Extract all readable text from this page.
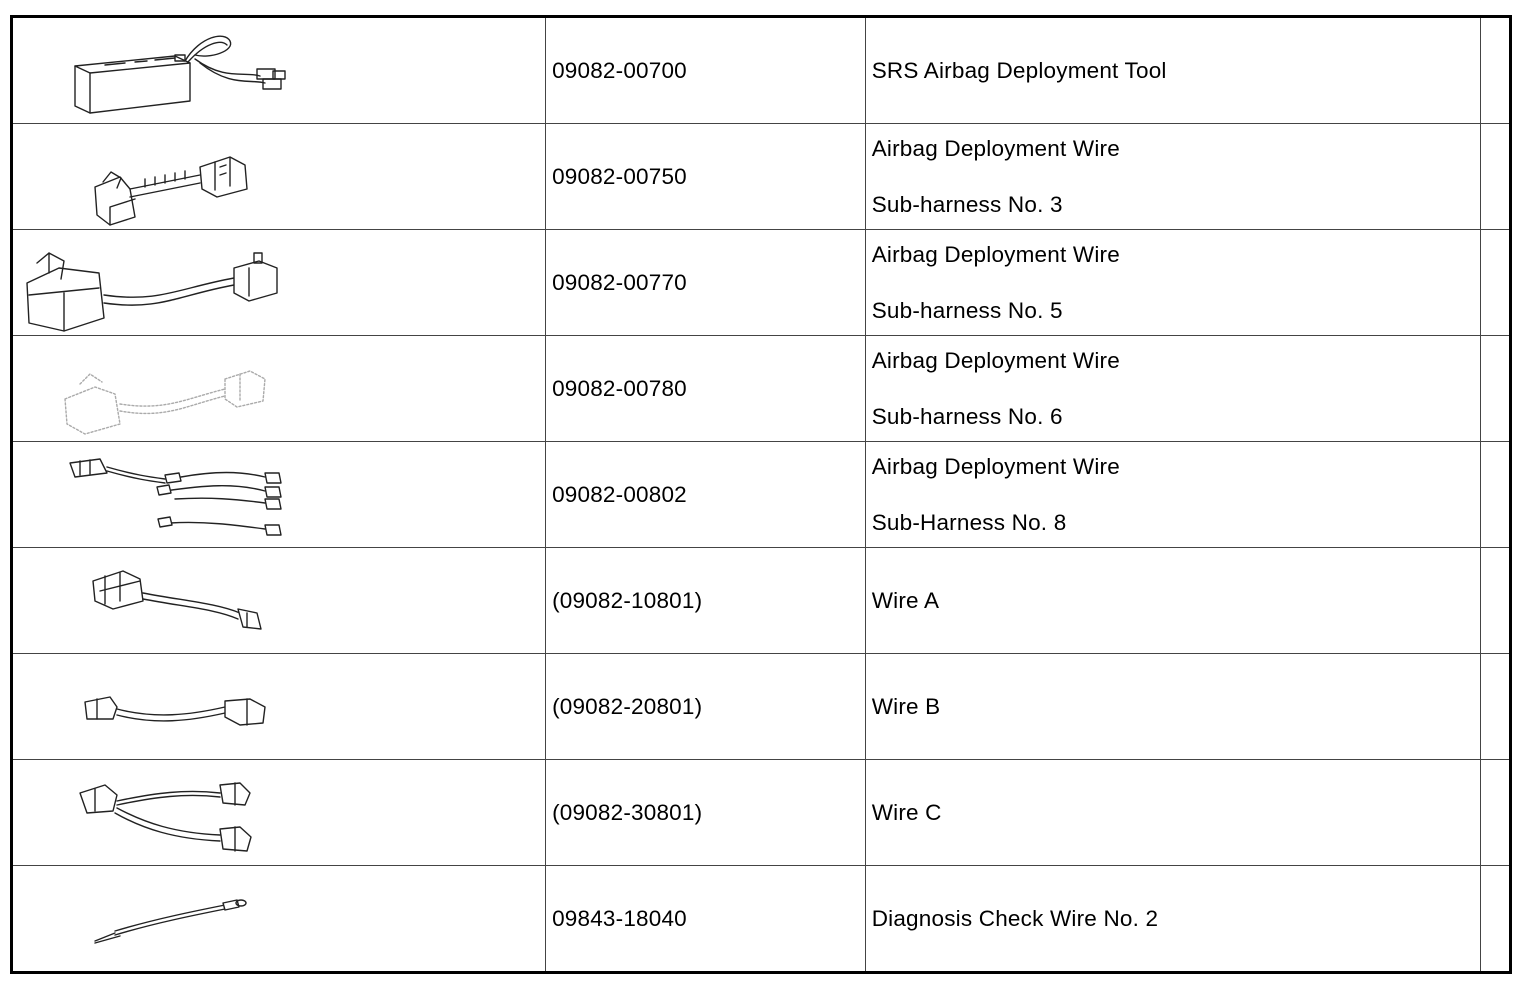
09082-00700	SRS Airbag Deployment Tool	

09082-00750	Airbag Deployment Wire
Sub-harness No. 3	

09082-00770	Airbag Deployment Wire
Sub-harness No. 5	

09082-00780	Airbag Deployment Wire
Sub-harness No. 6	

09082-00802	Airbag Deployment Wire
Sub-Harness No. 8	

(09082-10801)	Wire A	

(09082-20801)	Wire B	

(09082-30801)	Wire C	

09843-18040	Diagnosis Check Wire No. 2	
